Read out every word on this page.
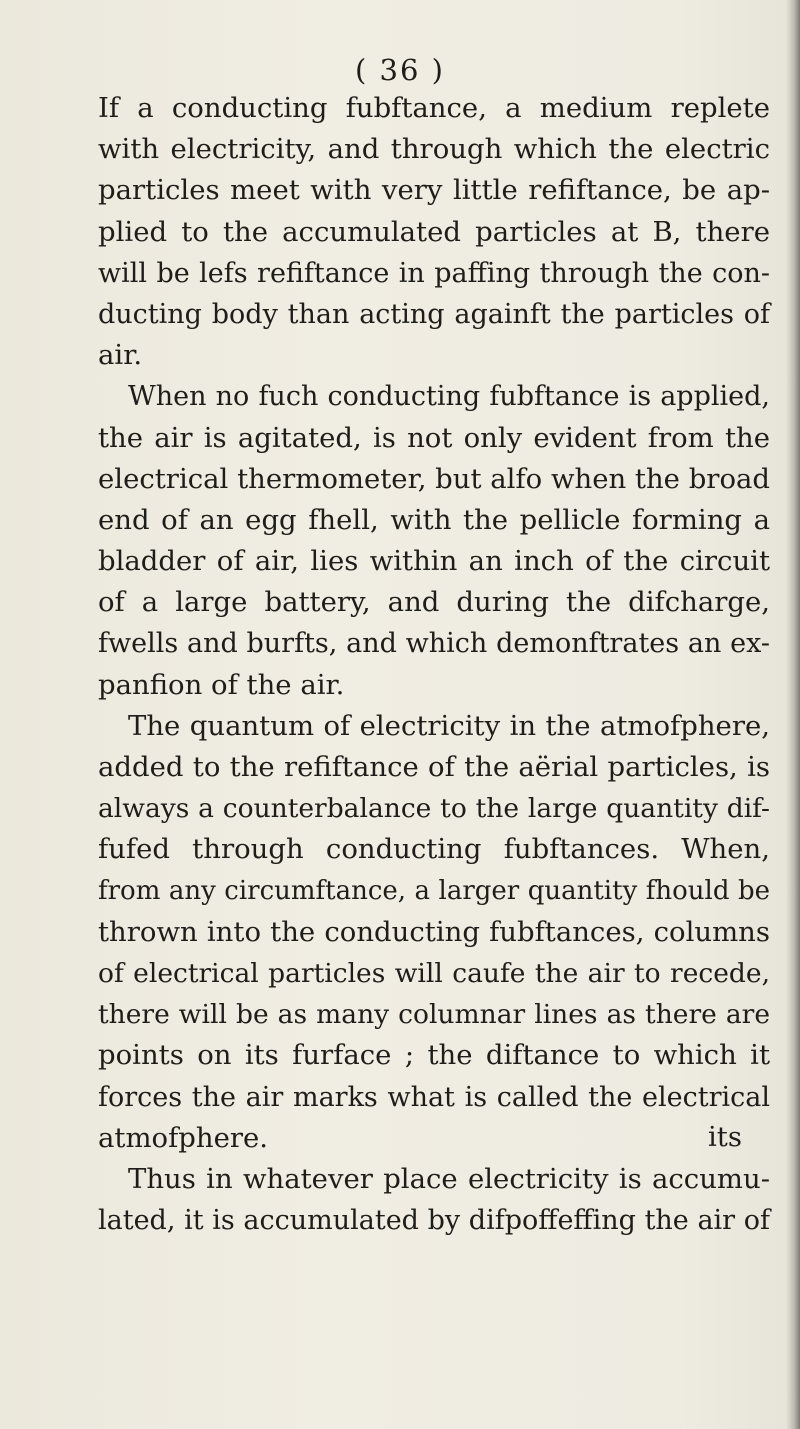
( 36 )
If a conducting fubftance, a medium replete
with electricity, and through which the electric
particles meet with very little refiftance, be ap-
plied to the accumulated particles at B, there
will be lefs refiftance in paffing through the con-
ducting body than acting againft the particles of
air.
When no fuch conducting fubftance is applied,
the air is agitated, is not only evident from the
electrical thermometer, but alfo when the broad
end of an egg fhell, with the pellicle forming a
bladder of air, lies within an inch of the circuit
of a large battery, and during the difcharge,
fwells and burfts, and which demonftrates an ex-
panfion of the air.
The quantum of electricity in the atmofphere,
added to the refiftance of the aërial particles, is
always a counterbalance to the large quantity dif-
fufed through conducting fubftances. When,
from any circumftance, a larger quantity fhould be
thrown into the conducting fubftances, columns
of electrical particles will caufe the air to recede,
there will be as many columnar lines as there are
points on its furface ; the diftance to which it
forces the air marks what is called the electrical
atmofphere.
Thus in whatever place electricity is accumu-
lated, it is accumulated by difpoffeffing the air of
its
